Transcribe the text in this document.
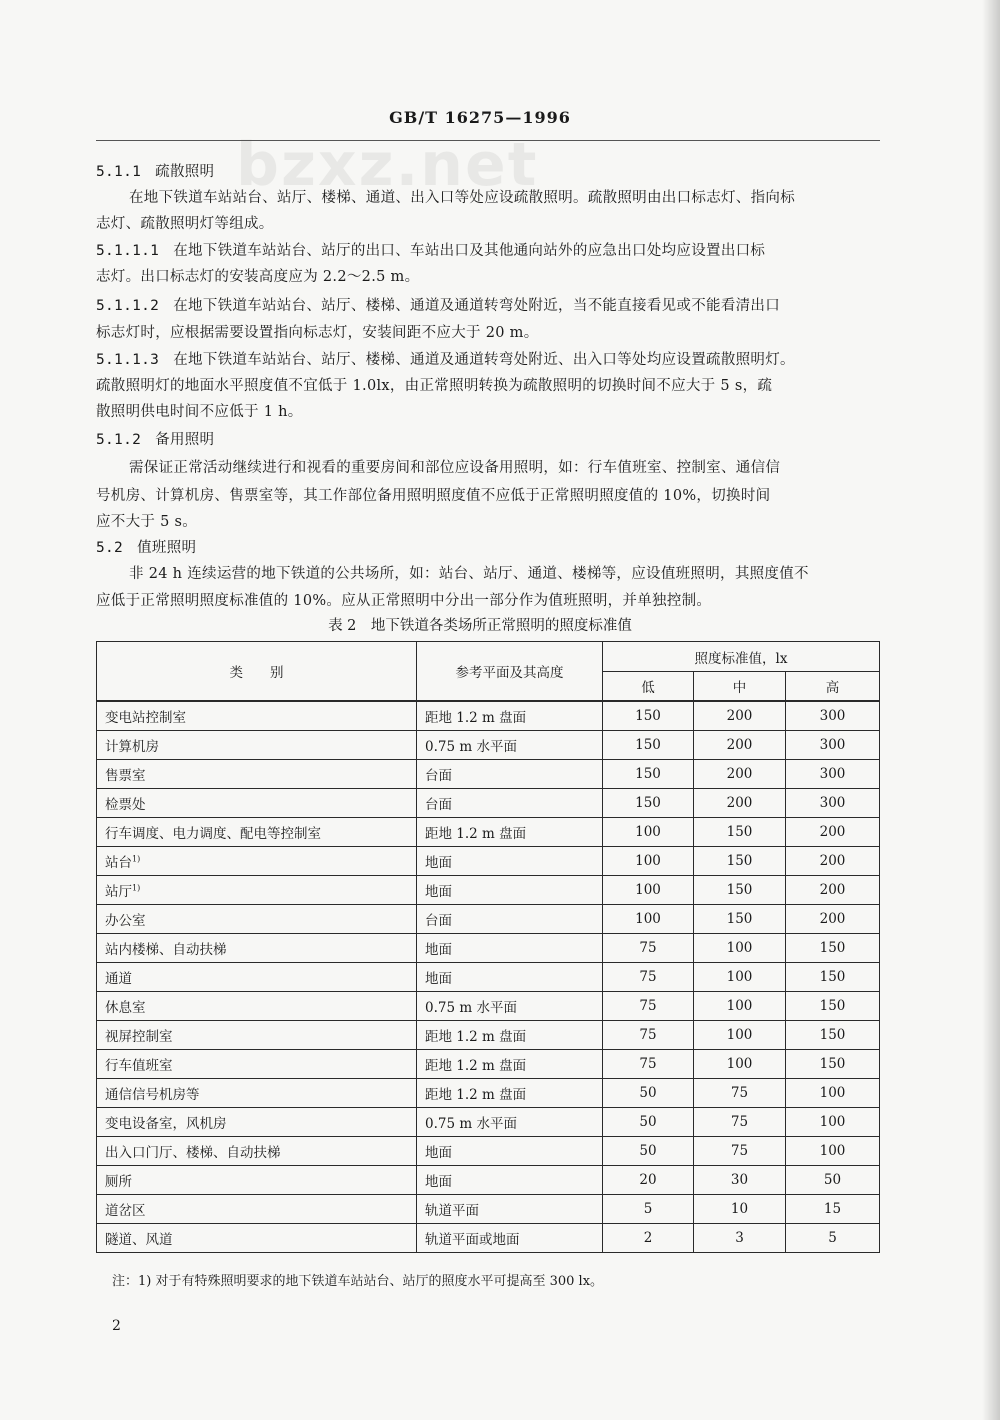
bzxz.net
GB/T 16275—1996
5.1.1 疏散照明
在地下铁道车站站台、站厅、楼梯、通道、出入口等处应设疏散照明。疏散照明由出口标志灯、指向标
志灯、疏散照明灯等组成。
5.1.1.1 在地下铁道车站站台、站厅的出口、车站出口及其他通向站外的应急出口处均应设置出口标
志灯。出口标志灯的安装高度应为 2.2～2.5 m。
5.1.1.2 在地下铁道车站站台、站厅、楼梯、通道及通道转弯处附近，当不能直接看见或不能看清出口
标志灯时，应根据需要设置指向标志灯，安装间距不应大于 20 m。
5.1.1.3 在地下铁道车站站台、站厅、楼梯、通道及通道转弯处附近、出入口等处均应设置疏散照明灯。
疏散照明灯的地面水平照度值不宜低于 1.0lx，由正常照明转换为疏散照明的切换时间不应大于 5 s，疏
散照明供电时间不应低于 1 h。
5.1.2 备用照明
需保证正常活动继续进行和视看的重要房间和部位应设备用照明，如：行车值班室、控制室、通信信
号机房、计算机房、售票室等，其工作部位备用照明照度值不应低于正常照明照度值的 10%，切换时间
应不大于 5 s。
5.2 值班照明
非 24 h 连续运营的地下铁道的公共场所，如：站台、站厅、通道、楼梯等，应设值班照明，其照度值不
应低于正常照明照度标准值的 10%。应从正常照明中分出一部分作为值班照明，并单独控制。
表 2　地下铁道各类场所正常照明的照度标准值
类　　别	参考平面及其高度	照度标准值，lx		
		低	中	高
变电站控制室	距地 1.2 m 盘面	150	200	300
计算机房	0.75 m 水平面	150	200	300
售票室	台面	150	200	300
检票处	台面	150	200	300
行车调度、电力调度、配电等控制室	距地 1.2 m 盘面	100	150	200
站台$^{1)}$	地面	100	150	200
站厅$^{1)}$	地面	100	150	200
办公室	台面	100	150	200
站内楼梯、自动扶梯	地面	75	100	150
通道	地面	75	100	150
休息室	0.75 m 水平面	75	100	150
视屏控制室	距地 1.2 m 盘面	75	100	150
行车值班室	距地 1.2 m 盘面	75	100	150
通信信号机房等	距地 1.2 m 盘面	50	75	100
变电设备室，风机房	0.75 m 水平面	50	75	100
出入口门厅、楼梯、自动扶梯	地面	50	75	100
厕所	地面	20	30	50
道岔区	轨道平面	5	10	15
隧道、风道	轨道平面或地面	2	3	5
注：1) 对于有特殊照明要求的地下铁道车站站台、站厅的照度水平可提高至 300 lx。
2
